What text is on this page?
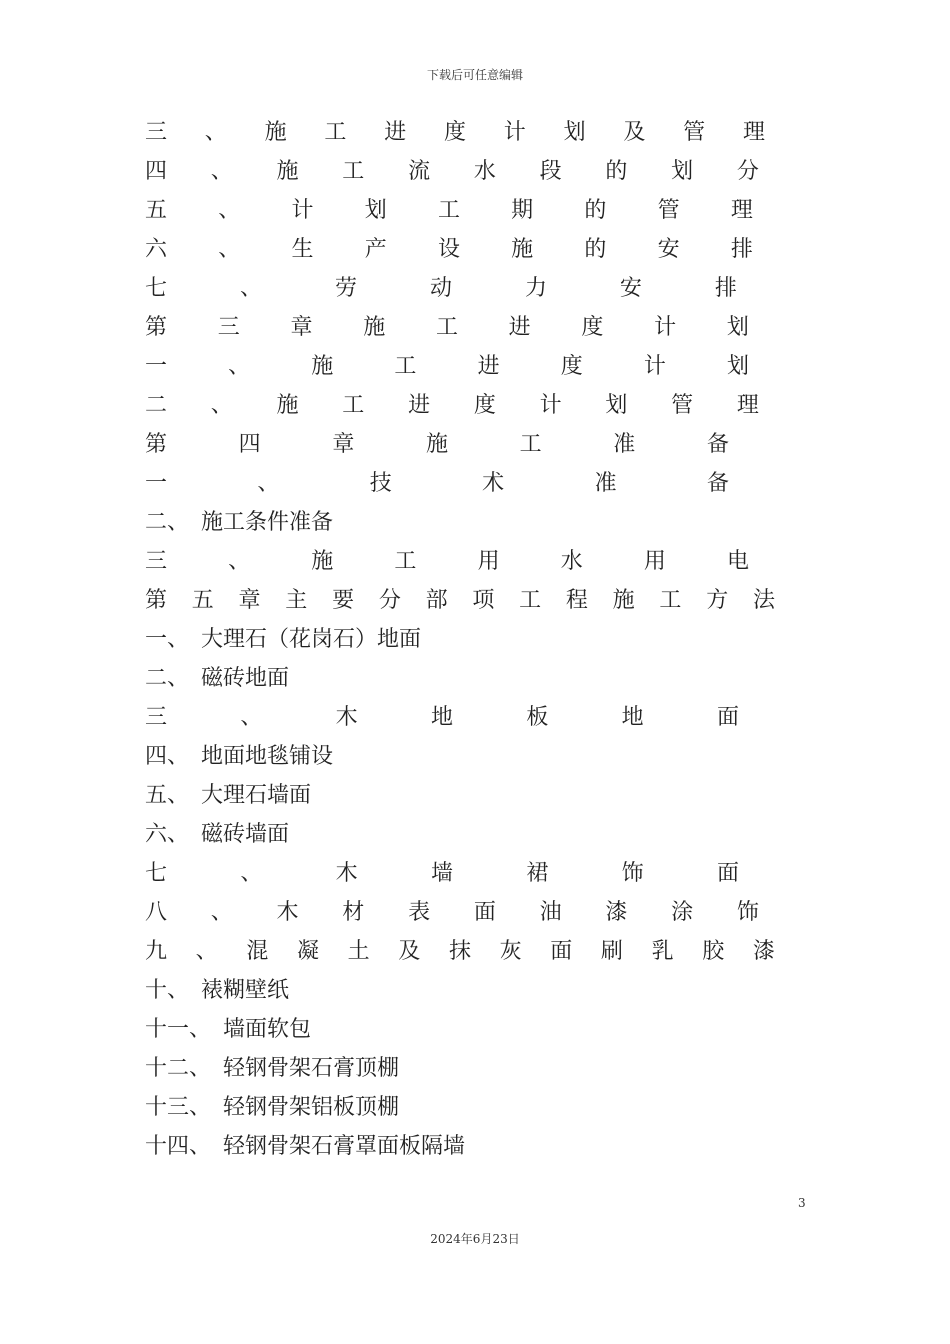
下载后可任意编辑
三 、 施 工 进 度 计 划 及 管 理
四 、 施 工 流 水 段 的 划 分
五 、 计 划 工 期 的 管 理
六 、 生 产 设 施 的 安 排
七	、	劳	动	力	安	排
第 三 章 施 工 进 度 计 划
一	、	施	工	进	度	计	划
二 、 施 工 进 度 计 划 管 理
第	四	章	施	工	准	备
一	、	技	术	准	备
二、 施工条件准备
三	、	施	工	用	水	用	电
第 五 章 主 要 分 部 项 工 程 施 工 方 法
一、 大理石（花岗石）地面
二、 磁砖地面
三	、	木	地	板	地	面
四、 地面地毯铺设
五、 大理石墙面
六、 磁砖墙面
七	、	木	墙	裙	饰	面
八 、 木 材 表 面 油 漆 涂 饰
九 、 混 凝 土 及 抹 灰 面 刷 乳 胶 漆
十、 裱糊壁纸
十一、 墙面软包
十二、 轻钢骨架石膏顶棚
十三、 轻钢骨架铝板顶棚
十四、 轻钢骨架石膏罩面板隔墙
3
2024年6月23日
